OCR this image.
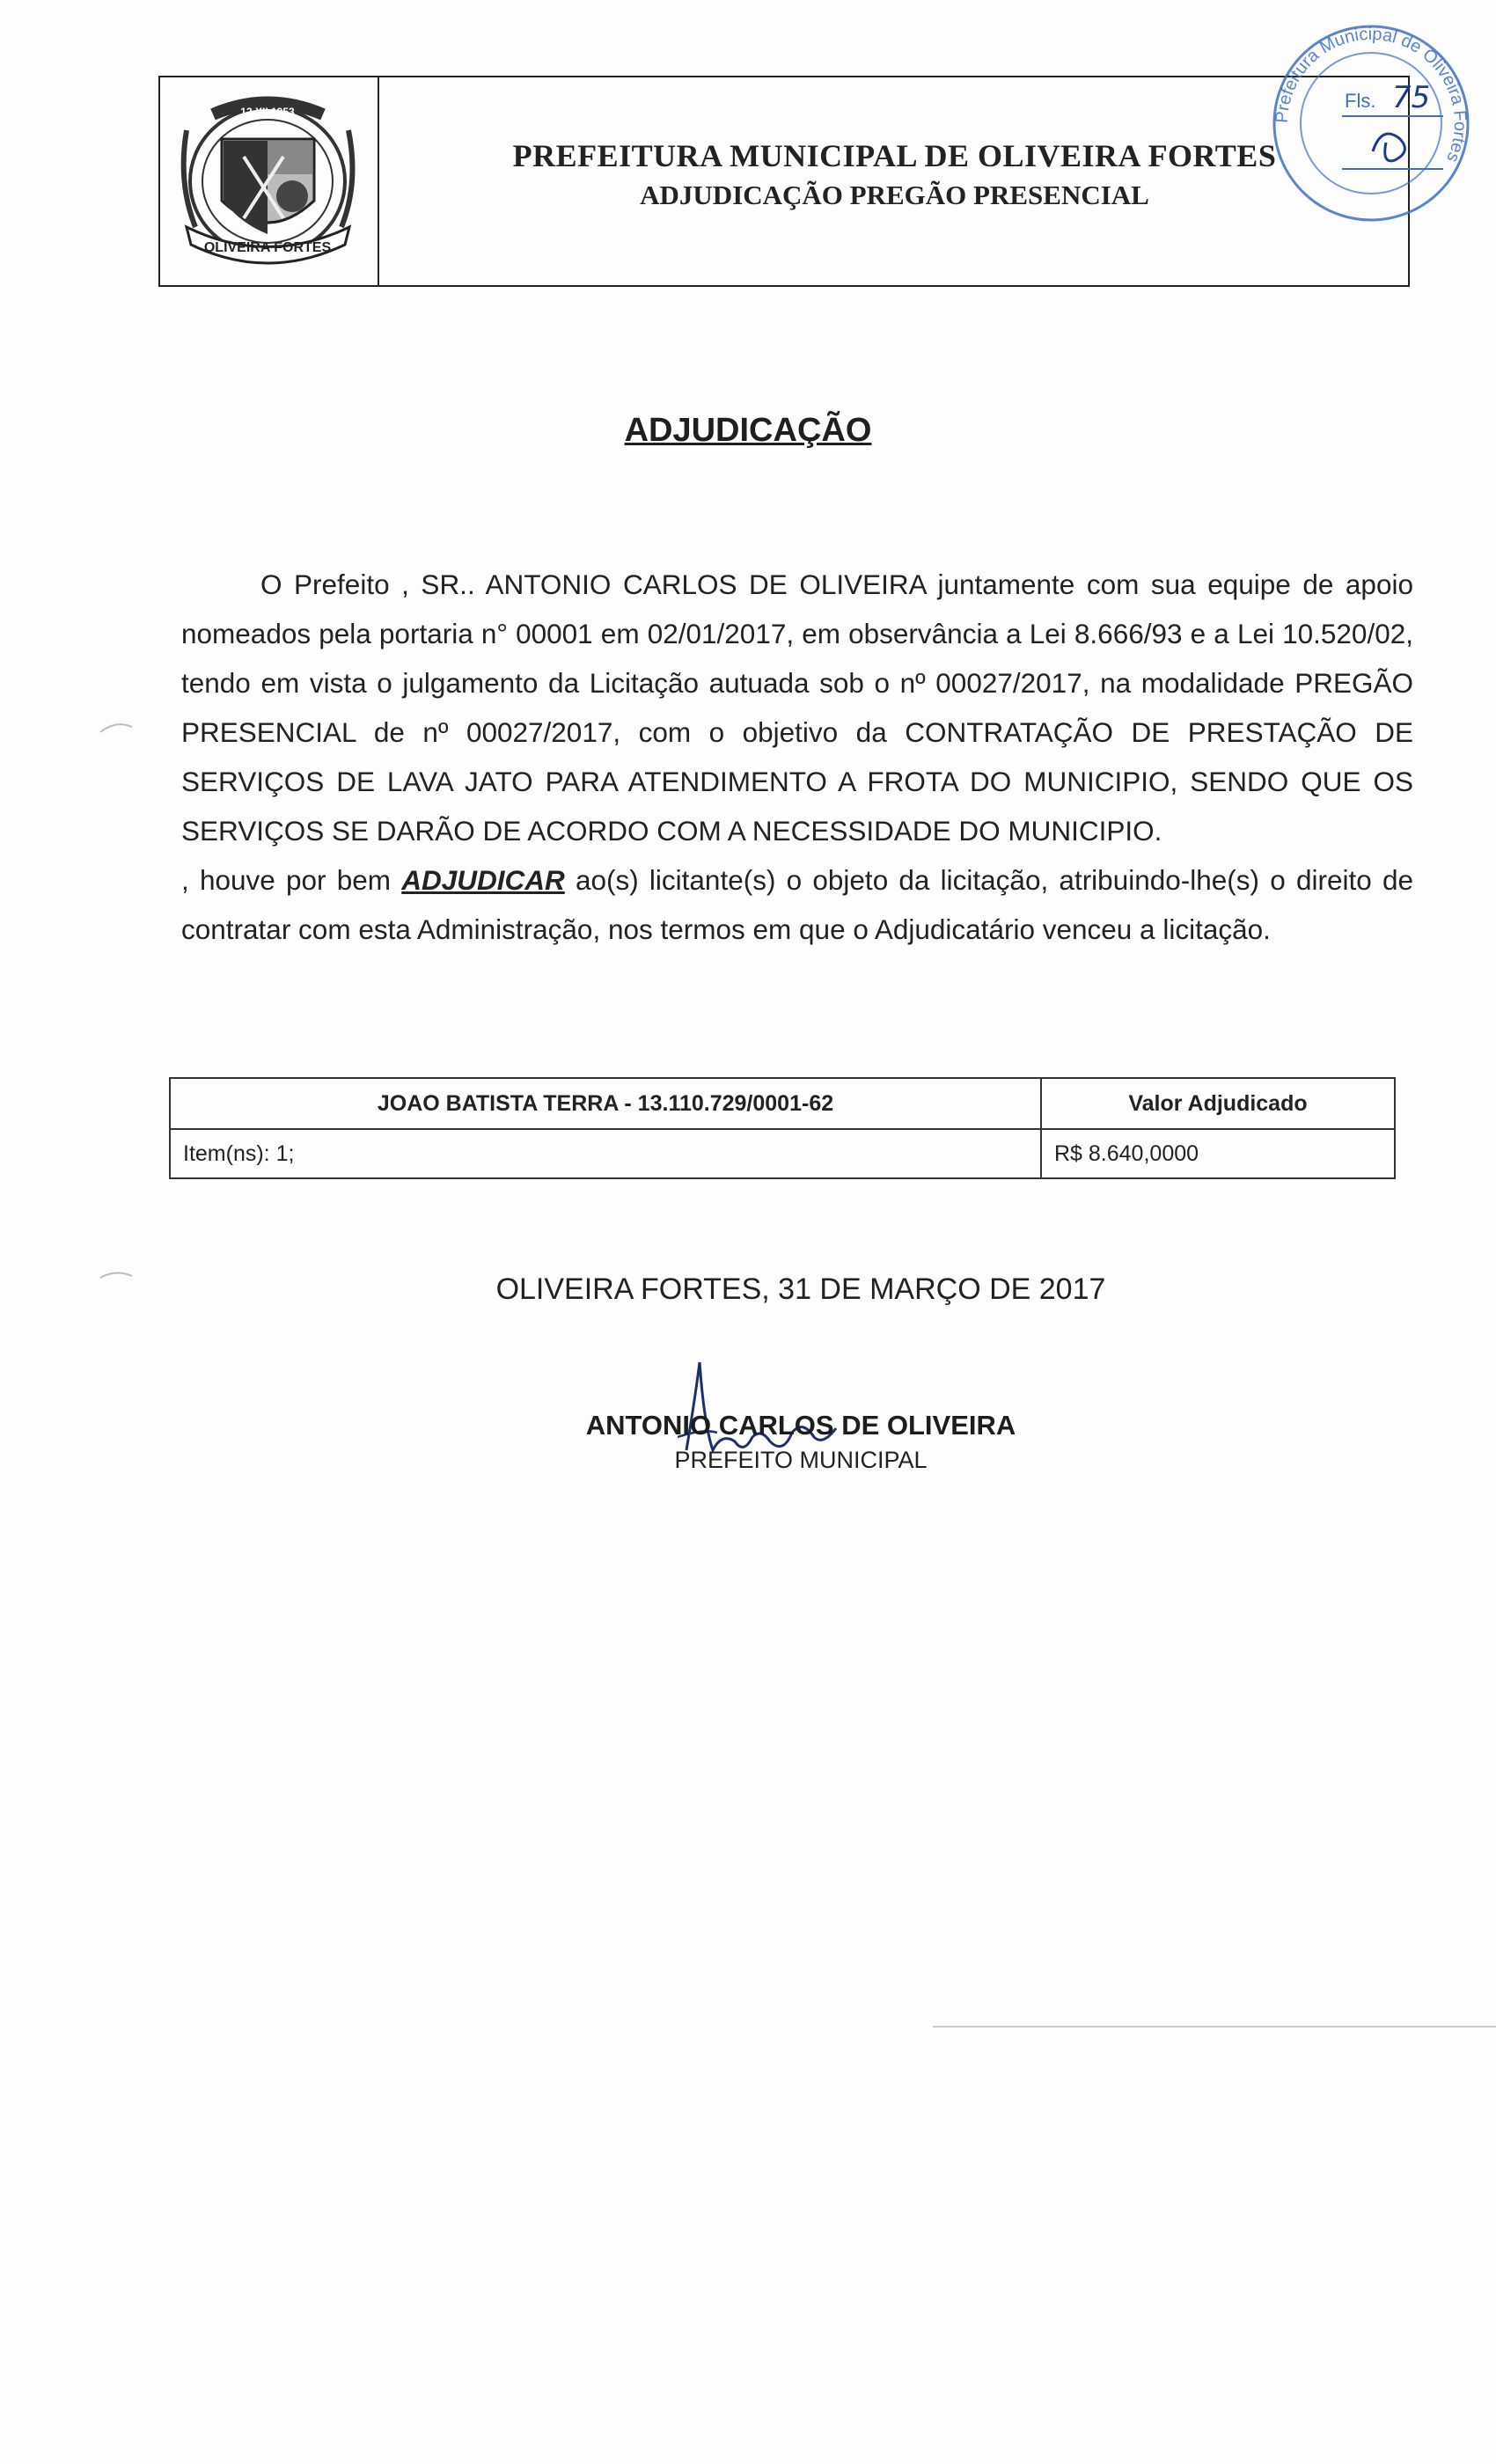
12 XII 1953
OLIVEIRA FORTES
PREFEITURA MUNICIPAL DE OLIVEIRA FORTES
ADJUDICAÇÃO PREGÃO PRESENCIAL
Prefeitura Municipal de Oliveira Fortes
Fls. 75
ADJUDICAÇÃO

O Prefeito , SR.. ANTONIO CARLOS DE OLIVEIRA juntamente com sua equipe de apoio nomeados pela portaria n° 00001 em 02/01/2017, em observância a Lei 8.666/93 e a Lei 10.520/02, tendo em vista o julgamento da Licitação autuada sob o nº 00027/2017, na modalidade PREGÃO PRESENCIAL de nº 00027/2017, com o objetivo da CONTRATAÇÃO DE PRESTAÇÃO DE SERVIÇOS DE LAVA JATO PARA ATENDIMENTO A FROTA DO MUNICIPIO, SENDO QUE OS SERVIÇOS SE DARÃO DE ACORDO COM A NECESSIDADE DO MUNICIPIO.

, houve por bem ADJUDICAR ao(s) licitante(s) o objeto da licitação, atribuindo-lhe(s) o direito de contratar com esta Administração, nos termos em que o Adjudicatário venceu a licitação.

JOAO BATISTA TERRA - 13.110.729/0001-62	Valor Adjudicado
Item(ns): 1;	R$ 8.640,0000
OLIVEIRA FORTES, 31 DE MARÇO DE 2017
ANTONIO CARLOS DE OLIVEIRA
PREFEITO MUNICIPAL
